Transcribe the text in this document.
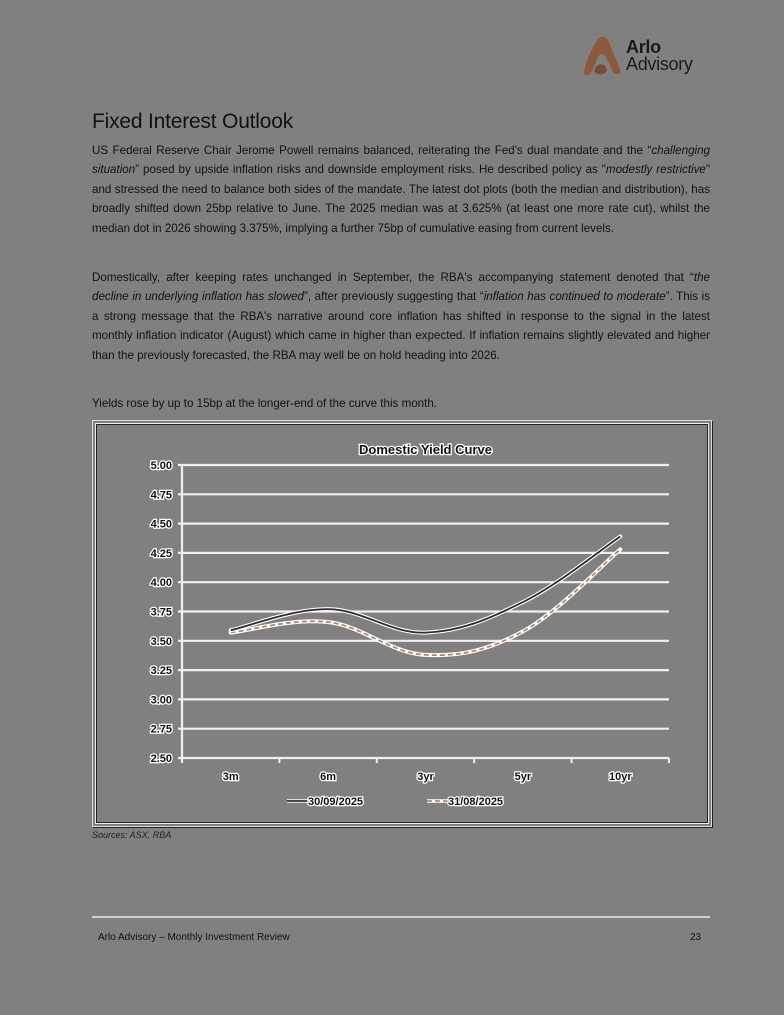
Arlo
Advisory
Fixed Interest Outlook

US Federal Reserve Chair Jerome Powell remains balanced, reiterating the Fed's dual mandate and the “challenging situation” posed by upside inflation risks and downside employment risks. He described policy as "modestly restrictive" and stressed the need to balance both sides of the mandate. The latest dot plots (both the median and distribution), has broadly shifted down 25bp relative to June. The 2025 median was at 3.625% (at least one more rate cut), whilst the median dot in 2026 showing 3.375%, implying a further 75bp of cumulative easing from current levels.

Domestically, after keeping rates unchanged in September, the RBA's accompanying statement denoted that “the decline in underlying inflation has slowed”, after previously suggesting that “inflation has continued to moderate”. This is a strong message that the RBA's narrative around core inflation has shifted in response to the signal in the latest monthly inflation indicator (August) which came in higher than expected. If inflation remains slightly elevated and higher than the previously forecasted, the RBA may well be on hold heading into 2026.

Yields rose by up to 15bp at the longer-end of the curve this month.

Domestic Yield Curve
5.00
4.75
4.50
4.25
4.00
3.75
3.50
3.25
3.00
2.75
2.50
3m	6m	3yr	5yr	10yr
30/09/2025	31/08/2025
Sources: ASX, RBA
Arlo Advisory – Monthly Investment Review	23
